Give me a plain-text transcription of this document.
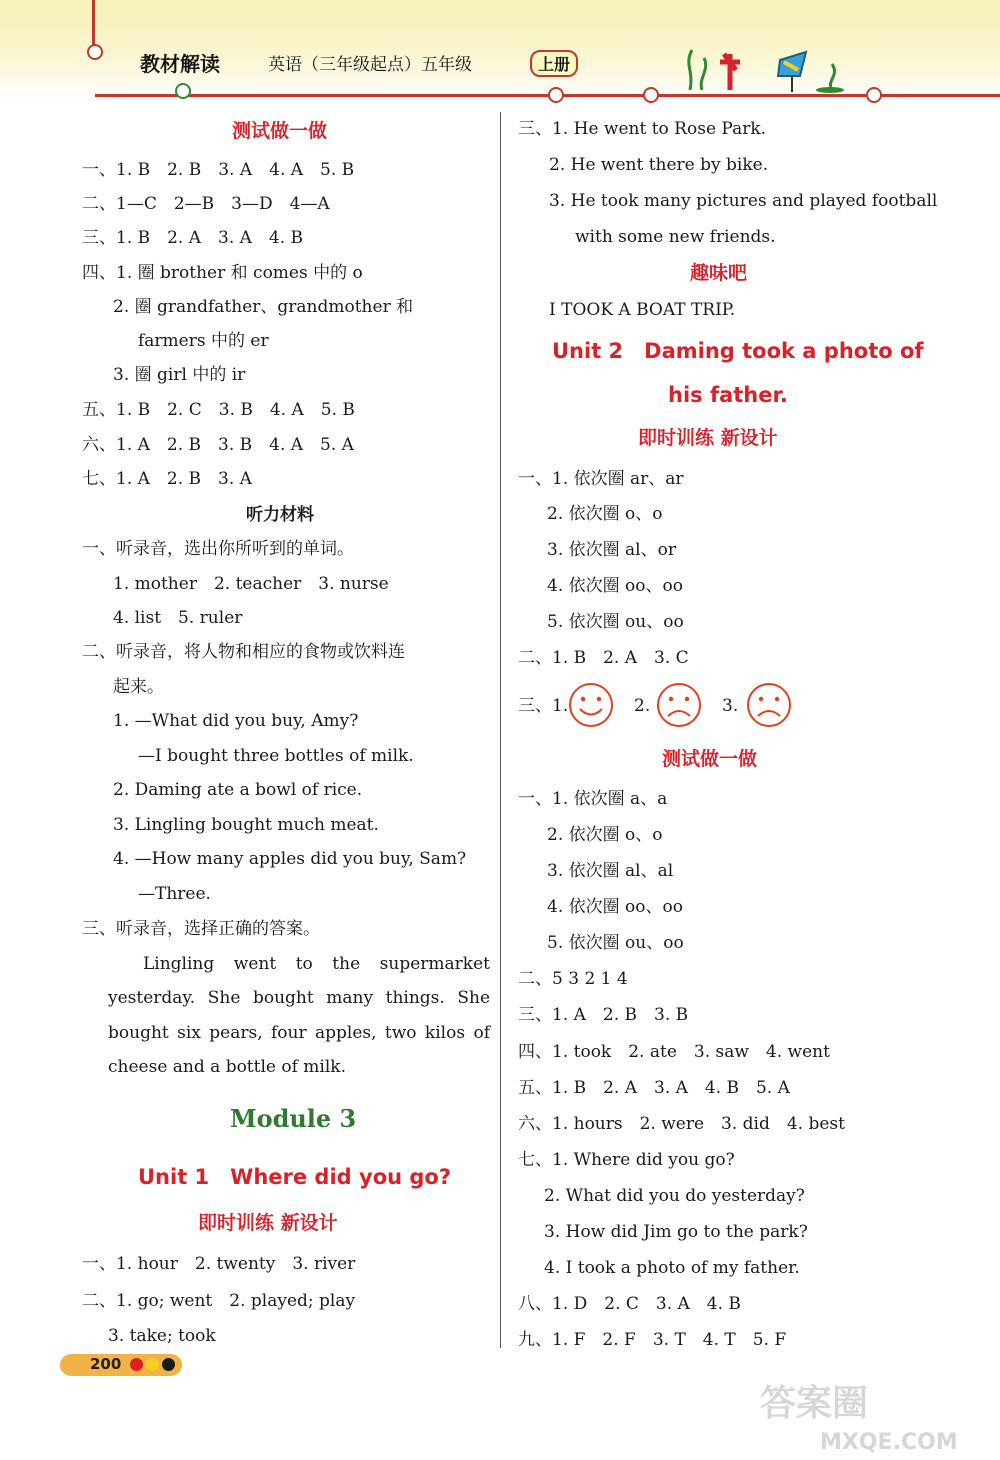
教材解读	英语（三年级起点）五年级	上册
测试做一做
一、1. B　2. B　3. A　4. A　5. B
二、1—C　2—B　3—D　4—A
三、1. B　2. A　3. A　4. B
四、1. 圈 brother 和 comes 中的 o
2. 圈 grandfather、grandmother 和
farmers 中的 er
3. 圈 girl 中的 ir
五、1. B　2. C　3. B　4. A　5. B
六、1. A　2. B　3. B　4. A　5. A
七、1. A　2. B　3. A
听力材料
一、听录音，选出你所听到的单词。
1. mother　2. teacher　3. nurse
4. list　5. ruler
二、听录音，将人物和相应的食物或饮料连
起来。
1. —What did you buy, Amy?
—I bought three bottles of milk.
2. Daming ate a bowl of rice.
3. Lingling bought much meat.
4. —How many apples did you buy, Sam?
—Three.
三、听录音，选择正确的答案。
Lingling went to the supermarket
yesterday. She bought many things. She
bought six pears, four apples, two kilos of
cheese and a bottle of milk.
Module 3
Unit 1　Where did you go?
即时训练 新设计
一、1. hour　2. twenty　3. river
二、1. go; went　2. played; play
3. take; took
三、1. He went to Rose Park.
2. He went there by bike.
3. He took many pictures and played football
with some new friends.
趣味吧
I TOOK A BOAT TRIP.
Unit 2　Daming took a photo of
his father.
即时训练 新设计
一、1. 依次圈 ar、ar
2. 依次圈 o、o
3. 依次圈 al、or
4. 依次圈 oo、oo
5. 依次圈 ou、oo
二、1. B　2. A　3. C
三、1.	2.	3.
测试做一做
一、1. 依次圈 a、a
2. 依次圈 o、o
3. 依次圈 al、al
4. 依次圈 oo、oo
5. 依次圈 ou、oo
二、5 3 2 1 4
三、1. A　2. B　3. B
四、1. took　2. ate　3. saw　4. went
五、1. B　2. A　3. A　4. B　5. A
六、1. hours　2. were　3. did　4. best
七、1. Where did you go?
2. What did you do yesterday?
3. How did Jim go to the park?
4. I took a photo of my father.
八、1. D　2. C　3. A　4. B
九、1. F　2. F　3. T　4. T　5. F
200
答案圈
MXQE.COM
